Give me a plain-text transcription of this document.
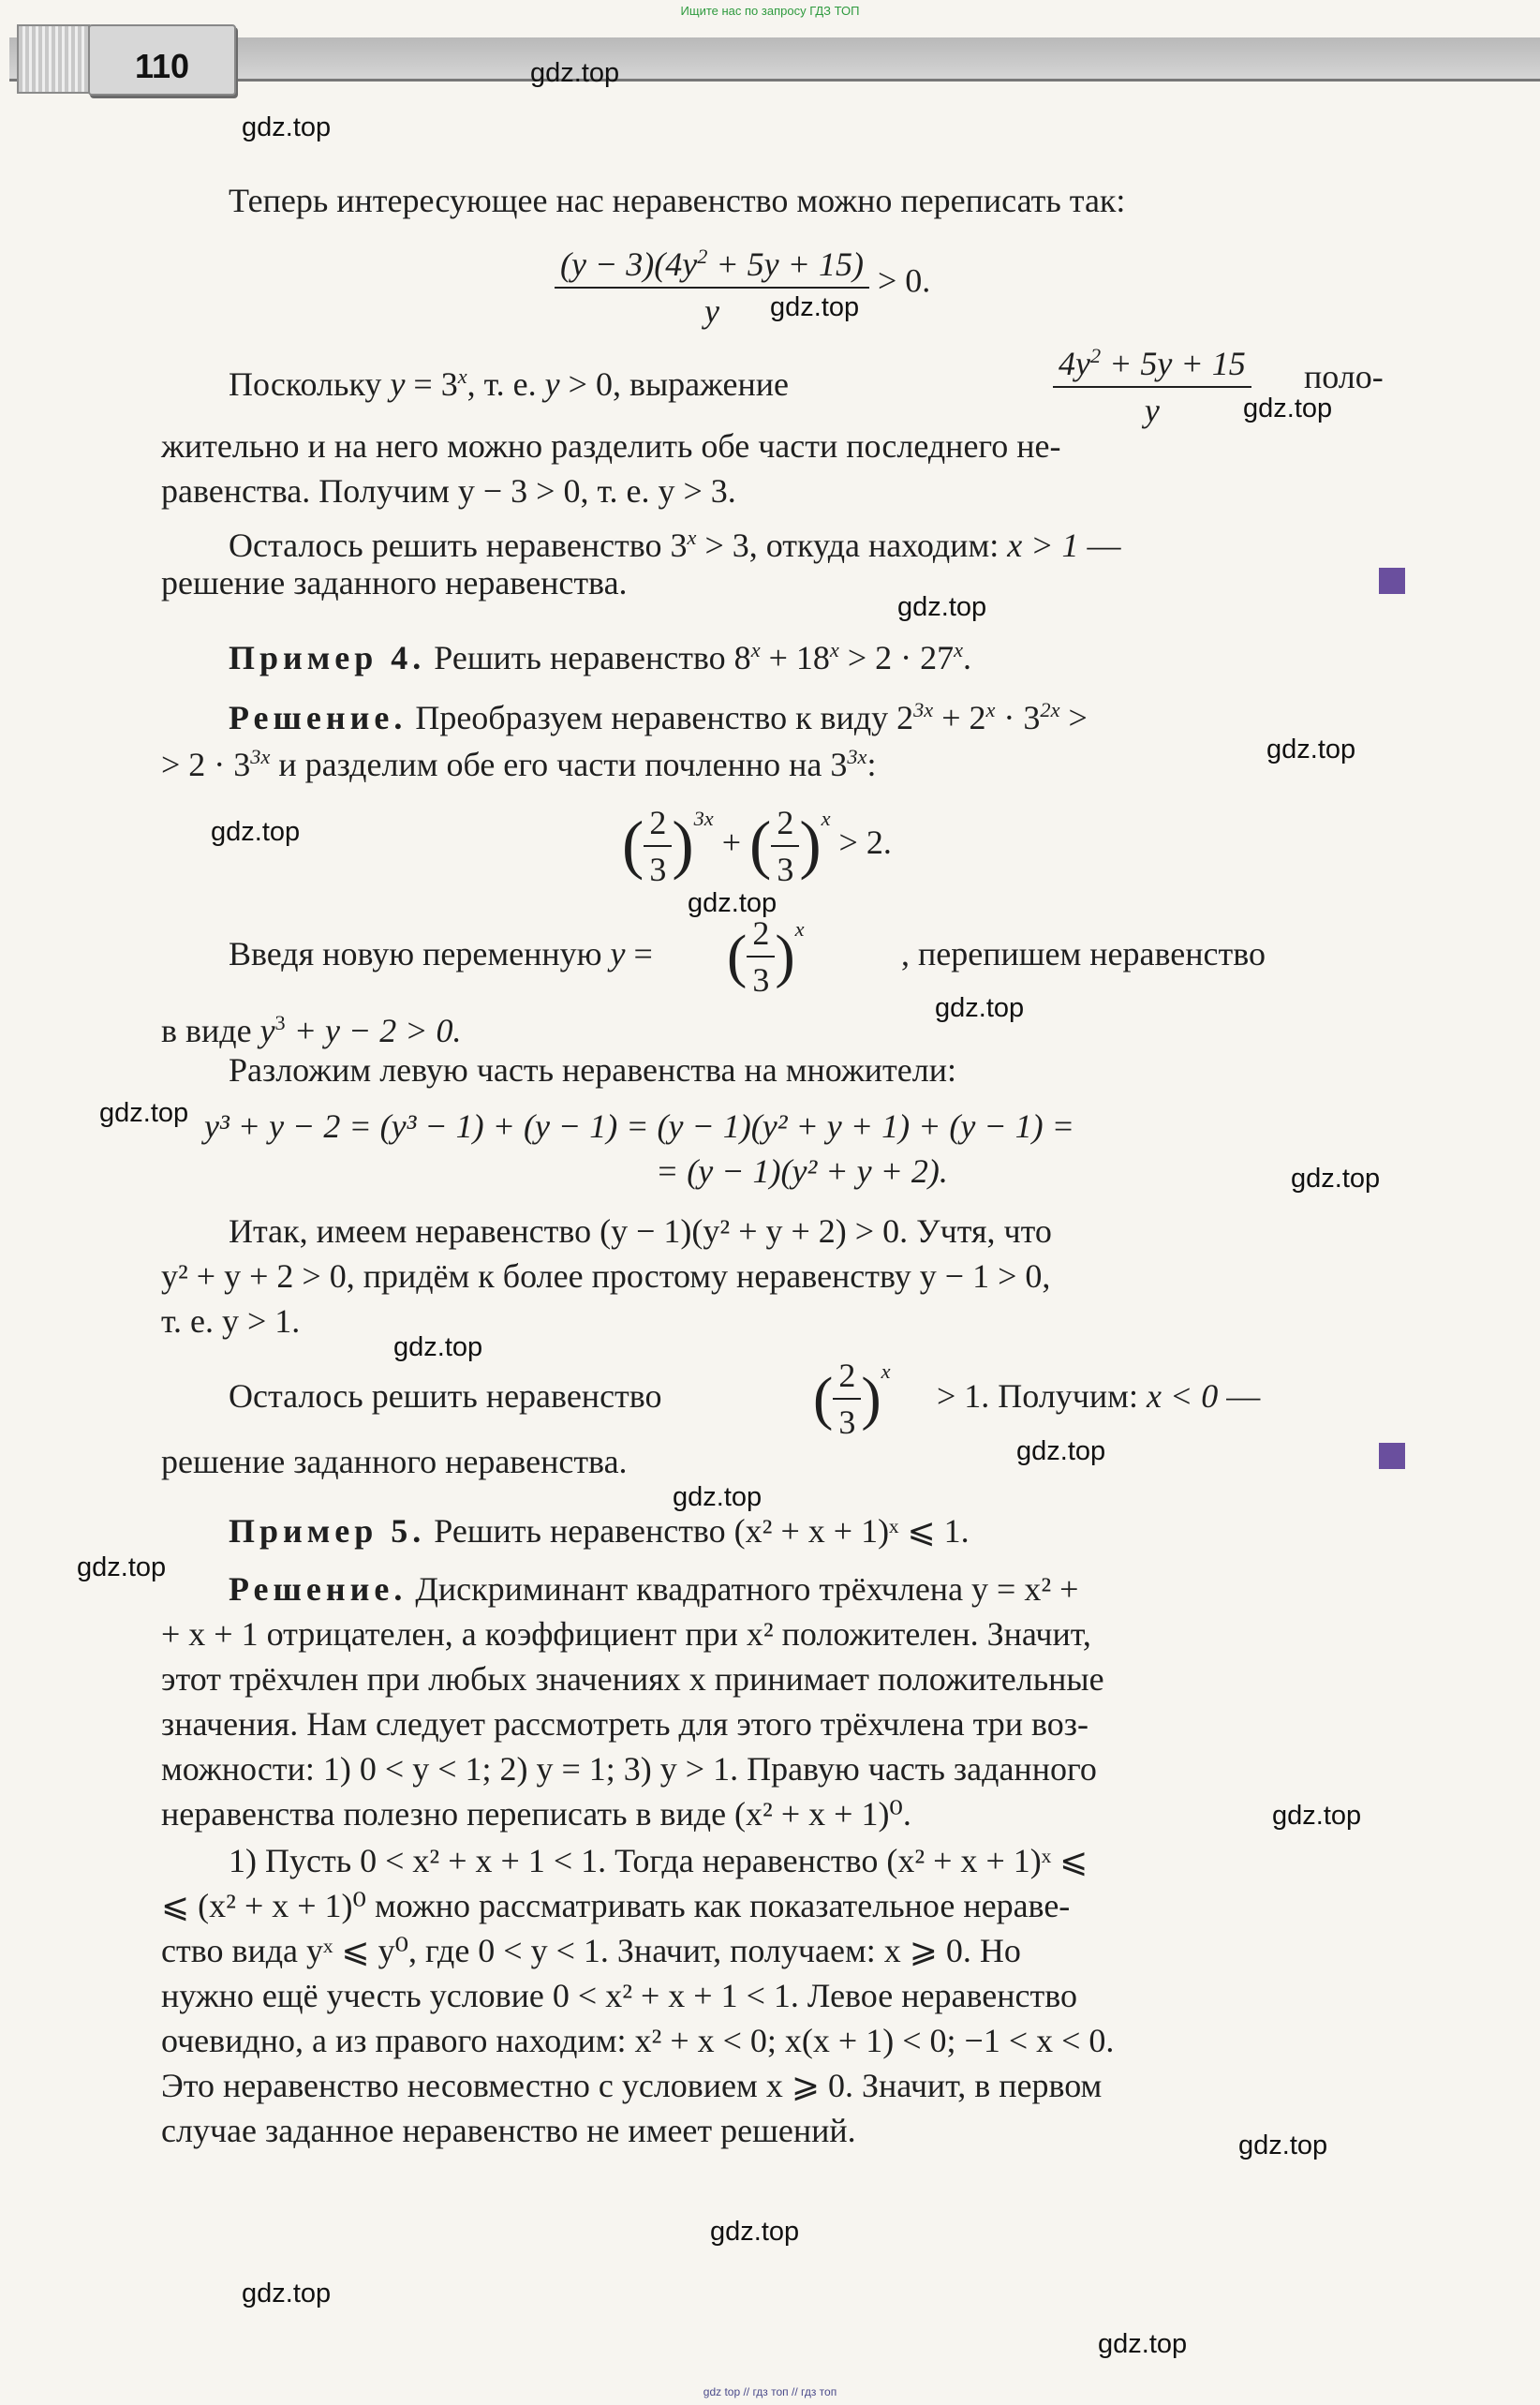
Ищите нас по запросу ГДЗ ТОП
110	gdz.top
gdz.top
gdz.top
gdz.top
gdz.top
gdz.top
gdz.top
gdz.top
gdz.top
gdz.top
gdz.top
gdz.top
gdz.top
gdz.top
gdz.top
gdz.top
gdz.top
gdz.top
gdz.top
gdz.top
Теперь интересующее нас неравенство можно переписать так:
$\frac{(y - 3)(4y^2 + 5y + 15)}{y} > 0$.
Поскольку $y = 3^x$, т. е. y > 0, выражение	$\frac{4y^2 + 5y + 15}{y}$ поло-
жительно и на него можно разделить обе части последнего не-
равенства. Получим y − 3 > 0, т. е. y > 3.
Осталось решить неравенство $3^x > 3$, откуда находим: x > 1 —
решение заданного неравенства.
Пример 4. Решить неравенство $8^x + 18^x > 2 \cdot 27^x$.
Решение. Преобразуем неравенство к виду $2^{3x} + 2^x \cdot 3^{2x}$ >
> $2 \cdot 3^{3x}$ и разделим обе его части почленно на $3^{3x}$:
( $\frac{2}{3} )^{3x}$ + ( $\frac{2}{3} )^x > 2$.
Введя новую переменную y = ( $\frac{2}{3} )^x$
, перепишем неравенство
в виде $y^3 + y - 2 > 0$.
Разложим левую часть неравенства на множители:
y³ + y − 2 = (y³ − 1) + (y − 1) = (y − 1)(y² + y + 1) + (y − 1) =
= (y − 1)(y² + y + 2).
Итак, имеем неравенство (y − 1)(y² + y + 2) > 0. Учтя, что
y² + y + 2 > 0, придём к более простому неравенству y − 1 > 0,
т. е. y > 1.
Осталось решить неравенство	( $\frac{2}{3} )^x$
> 1. Получим: x < 0 —
решение заданного неравенства.
Пример 5. Решить неравенство (x² + x + 1)ˣ ⩽ 1.
Решение. Дискриминант квадратного трёхчлена y = x² +
+ x + 1 отрицателен, а коэффициент при x² положителен. Значит,
этот трёхчлен при любых значениях x принимает положительные
значения. Нам следует рассмотреть для этого трёхчлена три воз-
можности: 1) 0 < y < 1; 2) y = 1; 3) y > 1. Правую часть заданного
неравенства полезно переписать в виде (x² + x + 1)⁰.
1) Пусть 0 < x² + x + 1 < 1. Тогда неравенство (x² + x + 1)ˣ ⩽
⩽ (x² + x + 1)⁰ можно рассматривать как показательное нераве-
ство вида yˣ ⩽ y⁰, где 0 < y < 1. Значит, получаем: x ⩾ 0. Но
нужно ещё учесть условие 0 < x² + x + 1 < 1. Левое неравенство
очевидно, а из правого находим: x² + x < 0; x(x + 1) < 0; −1 < x < 0.
Это неравенство несовместно с условием x ⩾ 0. Значит, в первом
случае заданное неравенство не имеет решений.
gdz top // гдз топ // гдз топ
